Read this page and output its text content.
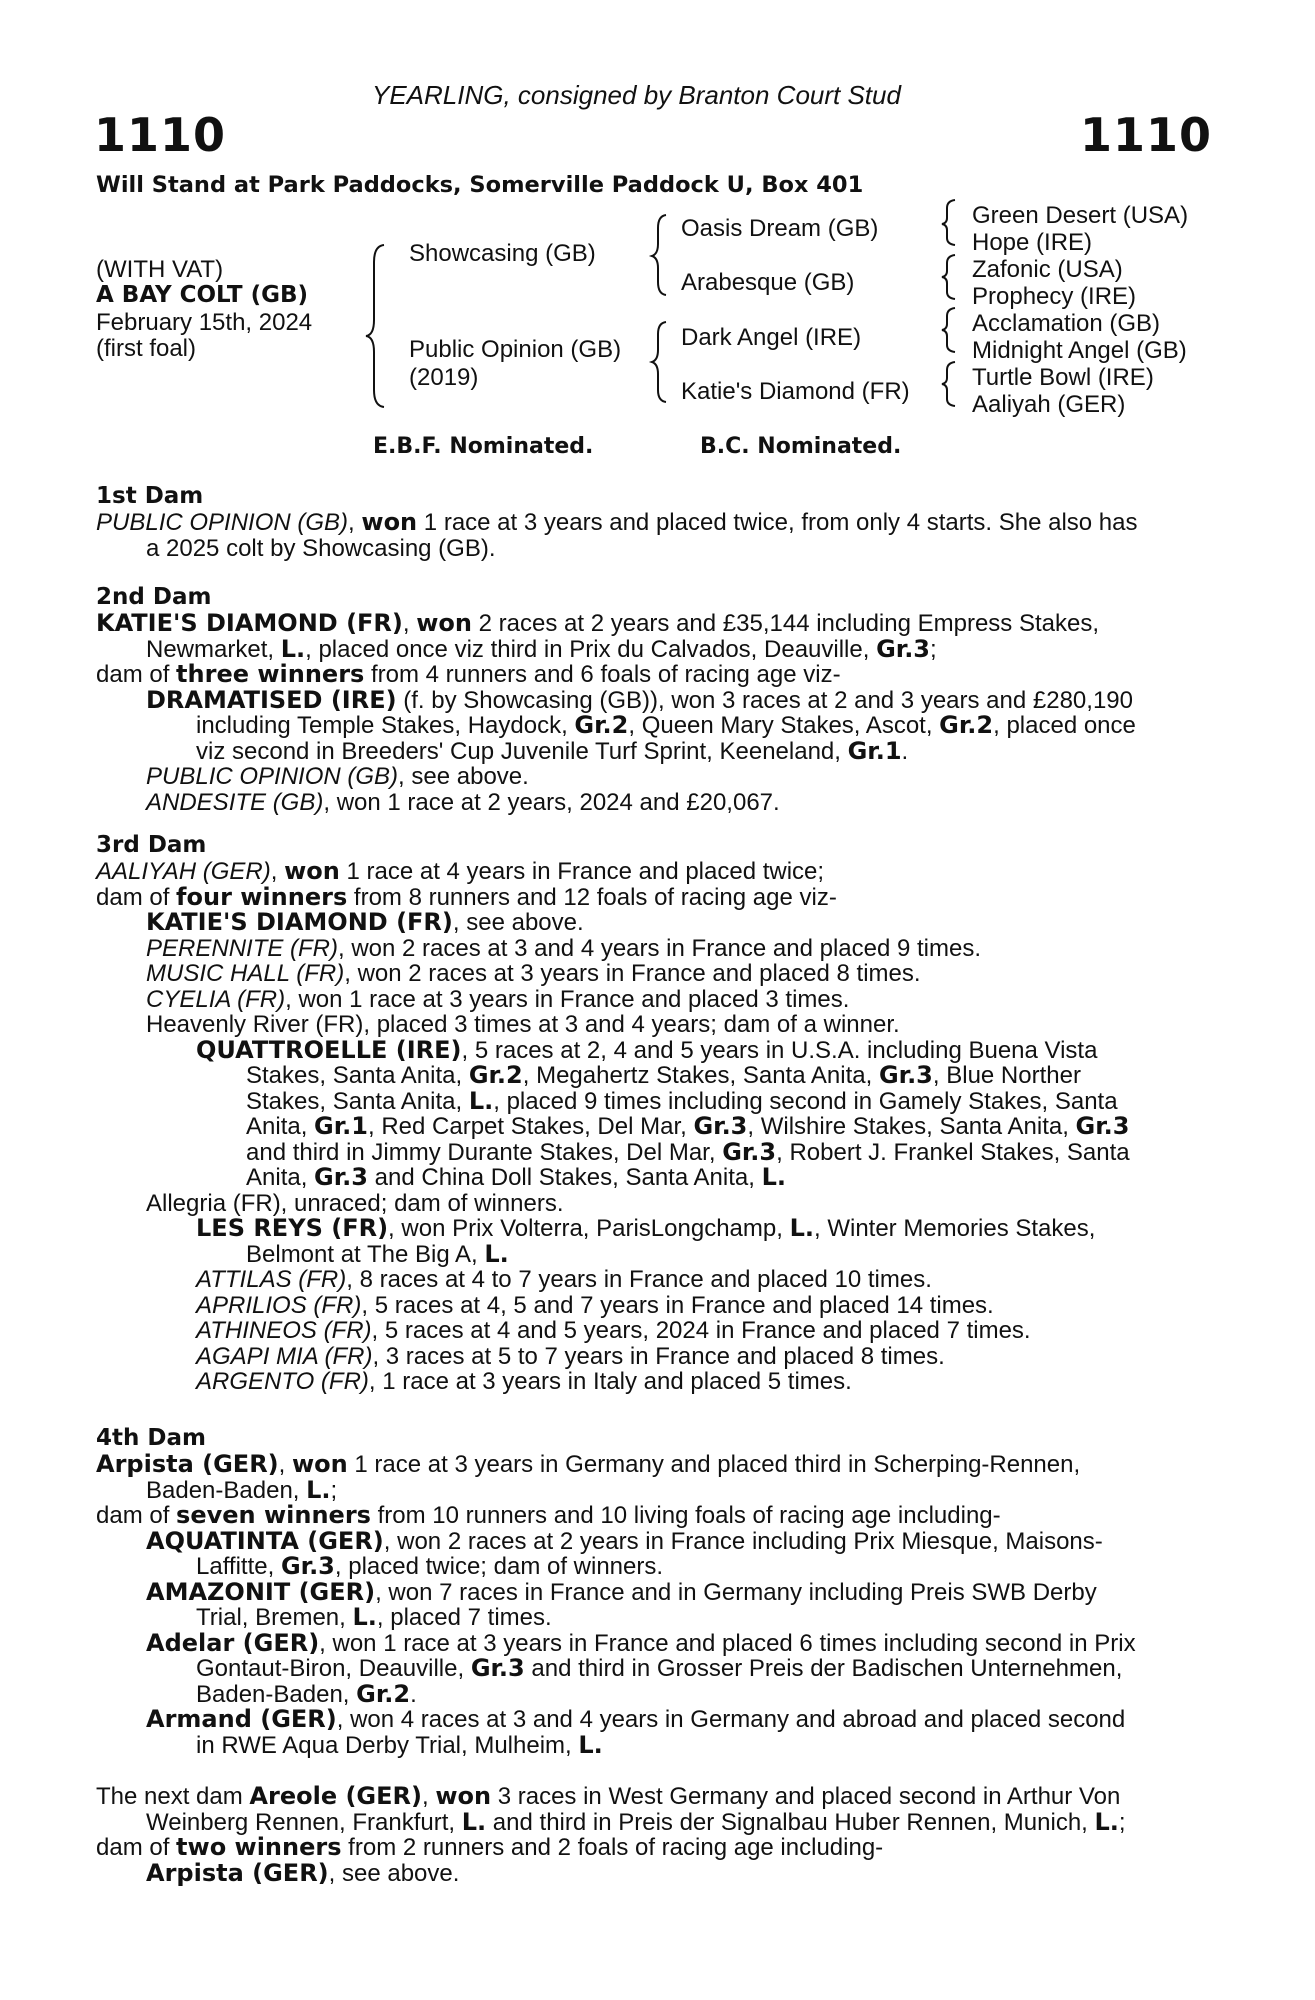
YEARLING, consigned by Branton Court Stud
1110	1110
Will Stand at Park Paddocks, Somerville Paddock U, Box 401
(WITH VAT)
A BAY COLT (GB)
February 15th, 2024
(first foal)
Showcasing (GB)
Public Opinion (GB)
(2019)
Oasis Dream (GB)
Arabesque (GB)
Dark Angel (IRE)
Katie's Diamond (FR)
Green Desert (USA)
Hope (IRE)
Zafonic (USA)
Prophecy (IRE)
Acclamation (GB)
Midnight Angel (GB)
Turtle Bowl (IRE)
Aaliyah (GER)
E.B.F. Nominated.	B.C. Nominated.
1st Dam
PUBLIC OPINION (GB), won 1 race at 3 years and placed twice, from only 4 starts. She also has
a 2025 colt by Showcasing (GB).
2nd Dam
KATIE'S DIAMOND (FR), won 2 races at 2 years and £35,144 including Empress Stakes,
Newmarket, L., placed once viz third in Prix du Calvados, Deauville, Gr.3;
dam of three winners from 4 runners and 6 foals of racing age viz-
DRAMATISED (IRE) (f. by Showcasing (GB)), won 3 races at 2 and 3 years and £280,190
including Temple Stakes, Haydock, Gr.2, Queen Mary Stakes, Ascot, Gr.2, placed once
viz second in Breeders' Cup Juvenile Turf Sprint, Keeneland, Gr.1.
PUBLIC OPINION (GB), see above.
ANDESITE (GB), won 1 race at 2 years, 2024 and £20,067.
3rd Dam
AALIYAH (GER), won 1 race at 4 years in France and placed twice;
dam of four winners from 8 runners and 12 foals of racing age viz-
KATIE'S DIAMOND (FR), see above.
PERENNITE (FR), won 2 races at 3 and 4 years in France and placed 9 times.
MUSIC HALL (FR), won 2 races at 3 years in France and placed 8 times.
CYELIA (FR), won 1 race at 3 years in France and placed 3 times.
Heavenly River (FR), placed 3 times at 3 and 4 years; dam of a winner.
QUATTROELLE (IRE), 5 races at 2, 4 and 5 years in U.S.A. including Buena Vista
Stakes, Santa Anita, Gr.2, Megahertz Stakes, Santa Anita, Gr.3, Blue Norther
Stakes, Santa Anita, L., placed 9 times including second in Gamely Stakes, Santa
Anita, Gr.1, Red Carpet Stakes, Del Mar, Gr.3, Wilshire Stakes, Santa Anita, Gr.3
and third in Jimmy Durante Stakes, Del Mar, Gr.3, Robert J. Frankel Stakes, Santa
Anita, Gr.3 and China Doll Stakes, Santa Anita, L.
Allegria (FR), unraced; dam of winners.
LES REYS (FR), won Prix Volterra, ParisLongchamp, L., Winter Memories Stakes,
Belmont at The Big A, L.
ATTILAS (FR), 8 races at 4 to 7 years in France and placed 10 times.
APRILIOS (FR), 5 races at 4, 5 and 7 years in France and placed 14 times.
ATHINEOS (FR), 5 races at 4 and 5 years, 2024 in France and placed 7 times.
AGAPI MIA (FR), 3 races at 5 to 7 years in France and placed 8 times.
ARGENTO (FR), 1 race at 3 years in Italy and placed 5 times.
4th Dam
Arpista (GER), won 1 race at 3 years in Germany and placed third in Scherping-Rennen,
Baden-Baden, L.;
dam of seven winners from 10 runners and 10 living foals of racing age including-
AQUATINTA (GER), won 2 races at 2 years in France including Prix Miesque, Maisons-
Laffitte, Gr.3, placed twice; dam of winners.
AMAZONIT (GER), won 7 races in France and in Germany including Preis SWB Derby
Trial, Bremen, L., placed 7 times.
Adelar (GER), won 1 race at 3 years in France and placed 6 times including second in Prix
Gontaut-Biron, Deauville, Gr.3 and third in Grosser Preis der Badischen Unternehmen,
Baden-Baden, Gr.2.
Armand (GER), won 4 races at 3 and 4 years in Germany and abroad and placed second
in RWE Aqua Derby Trial, Mulheim, L.
The next dam Areole (GER), won 3 races in West Germany and placed second in Arthur Von
Weinberg Rennen, Frankfurt, L. and third in Preis der Signalbau Huber Rennen, Munich, L.;
dam of two winners from 2 runners and 2 foals of racing age including-
Arpista (GER), see above.
